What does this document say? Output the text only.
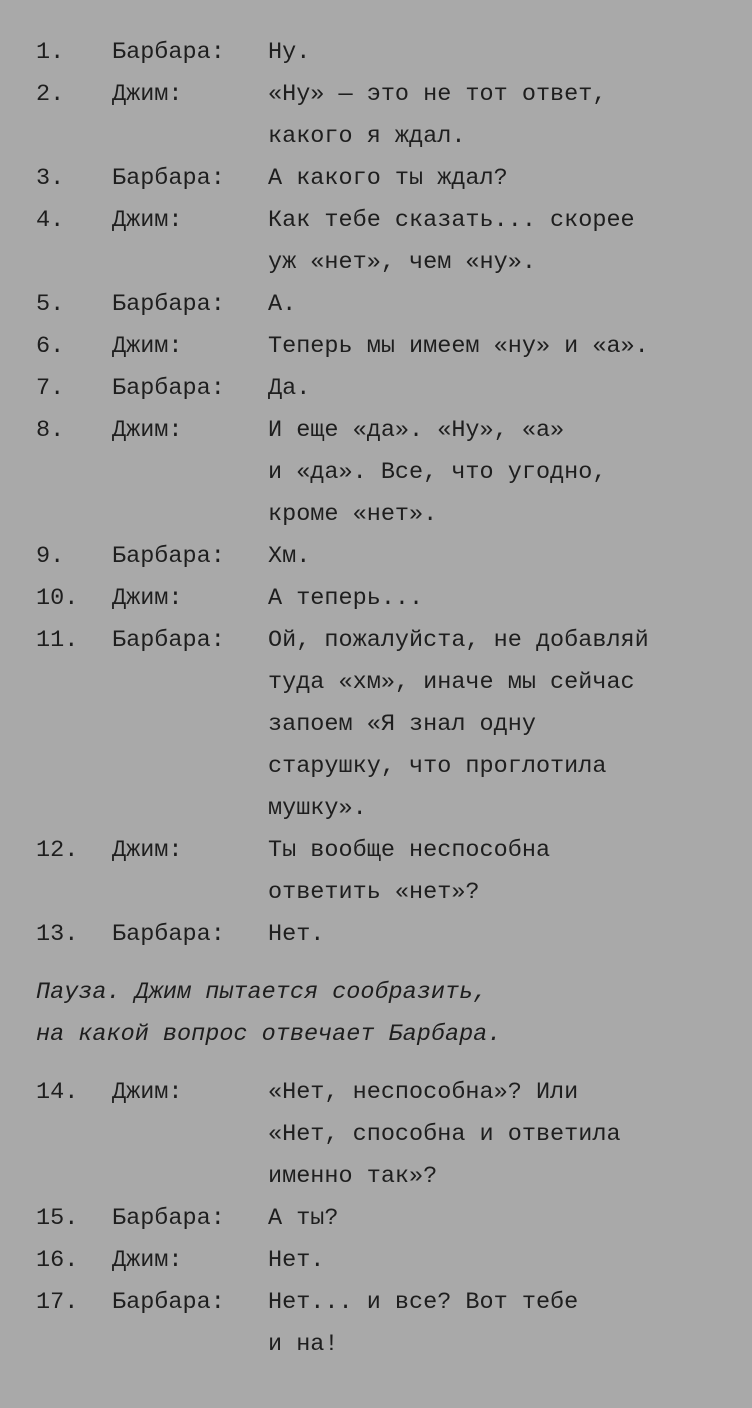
1.	Барбара:	Ну.
2.	Джим:	«Ну» — это не тот ответ,
какого я ждал.
3.	Барбара:	А какого ты ждал?
4.	Джим:	Как тебе сказать... скорее
уж «нет», чем «ну».
5.	Барбара:	А.
6.	Джим:	Теперь мы имеем «ну» и «а».
7.	Барбара:	Да.
8.	Джим:	И еще «да». «Ну», «а»
и «да». Все, что угодно,
кроме «нет».
9.	Барбара:	Хм.
10.	Джим:	А теперь...
11.	Барбара:	Ой, пожалуйста, не добавляй
туда «хм», иначе мы сейчас
запоем «Я знал одну
старушку, что проглотила
мушку».
12.	Джим:	Ты вообще неспособна
ответить «нет»?
13.	Барбара:	Нет.
Пауза. Джим пытается сообразить,
на какой вопрос отвечает Барбара.
14.	Джим:	«Нет, неспособна»? Или
«Нет, способна и ответила
именно так»?
15.	Барбара:	А ты?
16.	Джим:	Нет.
17.	Барбара:	Нет... и все? Вот тебе
и на!
